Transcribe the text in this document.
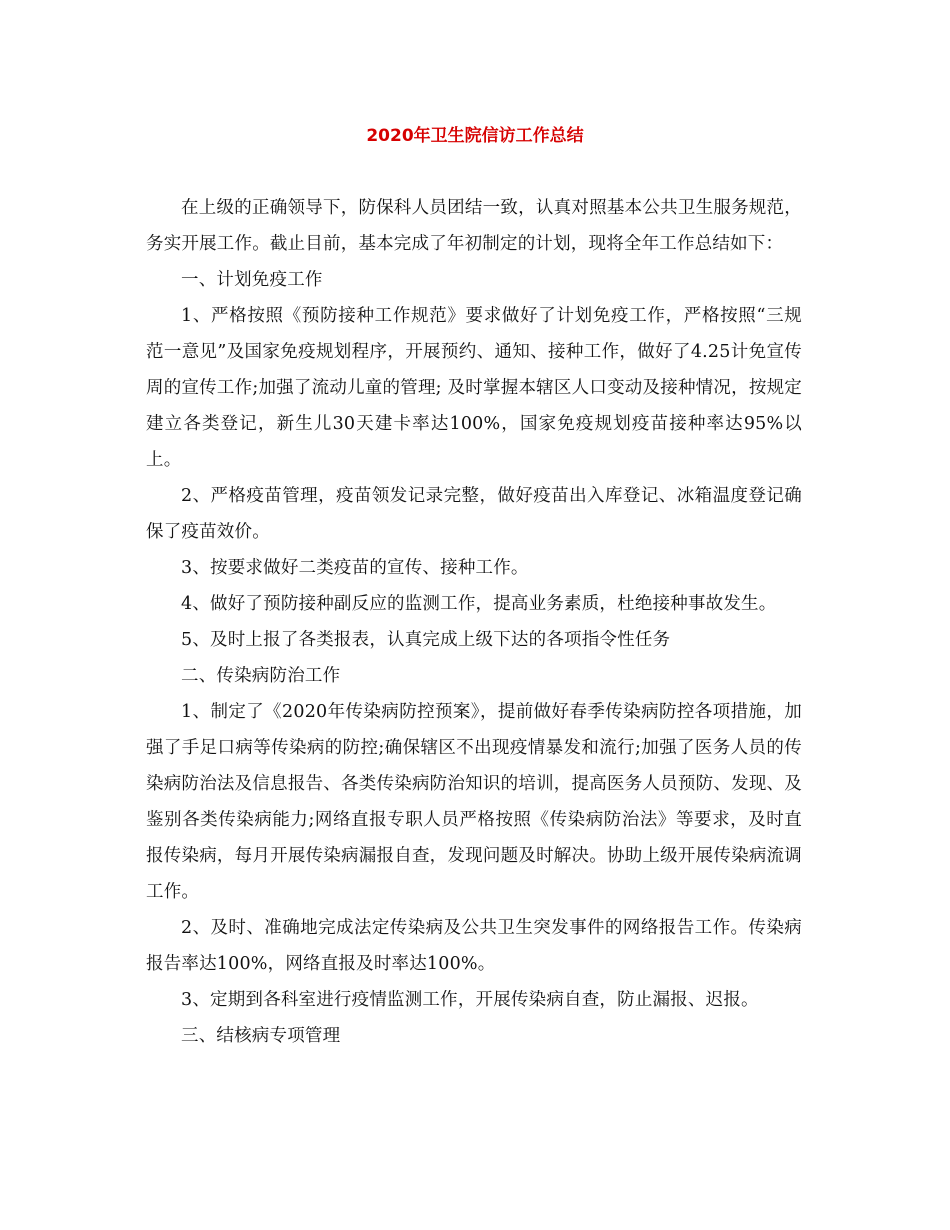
2020年卫生院信访工作总结

在上级的正确领导下，防保科人员团结一致，认真对照基本公共卫生服务规范，务实开展工作。截止目前，基本完成了年初制定的计划，现将全年工作总结如下：

一、计划免疫工作

1、严格按照《预防接种工作规范》要求做好了计划免疫工作，严格按照“三规范一意见”及国家免疫规划程序，开展预约、通知、接种工作，做好了4.25计免宣传周的宣传工作;加强了流动儿童的管理; 及时掌握本辖区人口变动及接种情况，按规定建立各类登记，新生儿30天建卡率达100%，国家免疫规划疫苗接种率达95%以上。

2、严格疫苗管理，疫苗领发记录完整，做好疫苗出入库登记、冰箱温度登记确保了疫苗效价。

3、按要求做好二类疫苗的宣传、接种工作。

4、做好了预防接种副反应的监测工作，提高业务素质，杜绝接种事故发生。

5、及时上报了各类报表，认真完成上级下达的各项指令性任务

二、传染病防治工作

1、制定了《2020年传染病防控预案》，提前做好春季传染病防控各项措施，加强了手足口病等传染病的防控;确保辖区不出现疫情暴发和流行;加强了医务人员的传染病防治法及信息报告、各类传染病防治知识的培训，提高医务人员预防、发现、及鉴别各类传染病能力;网络直报专职人员严格按照《传染病防治法》等要求，及时直报传染病，每月开展传染病漏报自查，发现问题及时解决。协助上级开展传染病流调工作。

2、及时、准确地完成法定传染病及公共卫生突发事件的网络报告工作。传染病报告率达100%，网络直报及时率达100%。

3、定期到各科室进行疫情监测工作，开展传染病自查，防止漏报、迟报。

三、结核病专项管理
